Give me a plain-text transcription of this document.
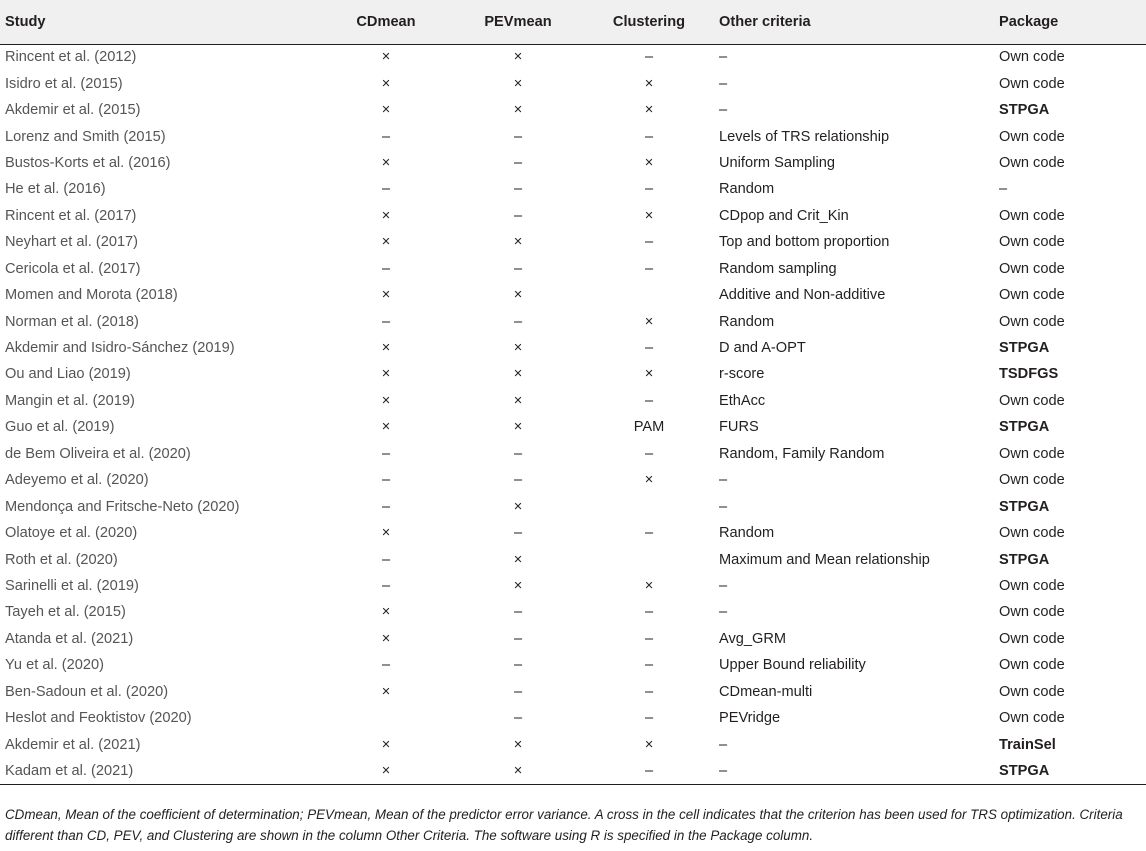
Study	CDmean	PEVmean	Clustering	Other criteria	Package
Rincent et al. (2012)	×	×	–	–	Own code
Isidro et al. (2015)	×	×	×	–	Own code
Akdemir et al. (2015)	×	×	×	–	STPGA
Lorenz and Smith (2015)	–	–	–	Levels of TRS relationship	Own code
Bustos-Korts et al. (2016)	×	–	×	Uniform Sampling	Own code
He et al. (2016)	–	–	–	Random	–
Rincent et al. (2017)	×	–	×	CDpop and Crit_Kin	Own code
Neyhart et al. (2017)	×	×	–	Top and bottom proportion	Own code
Cericola et al. (2017)	–	–	–	Random sampling	Own code
Momen and Morota (2018)	×	×		Additive and Non-additive	Own code
Norman et al. (2018)	–	–	×	Random	Own code
Akdemir and Isidro-Sánchez (2019)	×	×	–	D and A-OPT	STPGA
Ou and Liao (2019)	×	×	×	r-score	TSDFGS
Mangin et al. (2019)	×	×	–	EthAcc	Own code
Guo et al. (2019)	×	×	PAM	FURS	STPGA
de Bem Oliveira et al. (2020)	–	–	–	Random, Family Random	Own code
Adeyemo et al. (2020)	–	–	×	–	Own code
Mendonça and Fritsche-Neto (2020)	–	×		–	STPGA
Olatoye et al. (2020)	×	–	–	Random	Own code
Roth et al. (2020)	–	×		Maximum and Mean relationship	STPGA
Sarinelli et al. (2019)	–	×	×	–	Own code
Tayeh et al. (2015)	×	–	–	–	Own code
Atanda et al. (2021)	×	–	–	Avg_GRM	Own code
Yu et al. (2020)	–	–	–	Upper Bound reliability	Own code
Ben-Sadoun et al. (2020)	×	–	–	CDmean-multi	Own code
Heslot and Feoktistov (2020)		–	–	PEVridge	Own code
Akdemir et al. (2021)	×	×	×	–	TrainSel
Kadam et al. (2021)	×	×	–	–	STPGA
CDmean, Mean of the coefficient of determination; PEVmean, Mean of the predictor error variance. A cross in the cell indicates that the criterion has been used for TRS optimization. Criteria different than CD, PEV, and Clustering are shown in the column Other Criteria. The software using R is specified in the Package column.
